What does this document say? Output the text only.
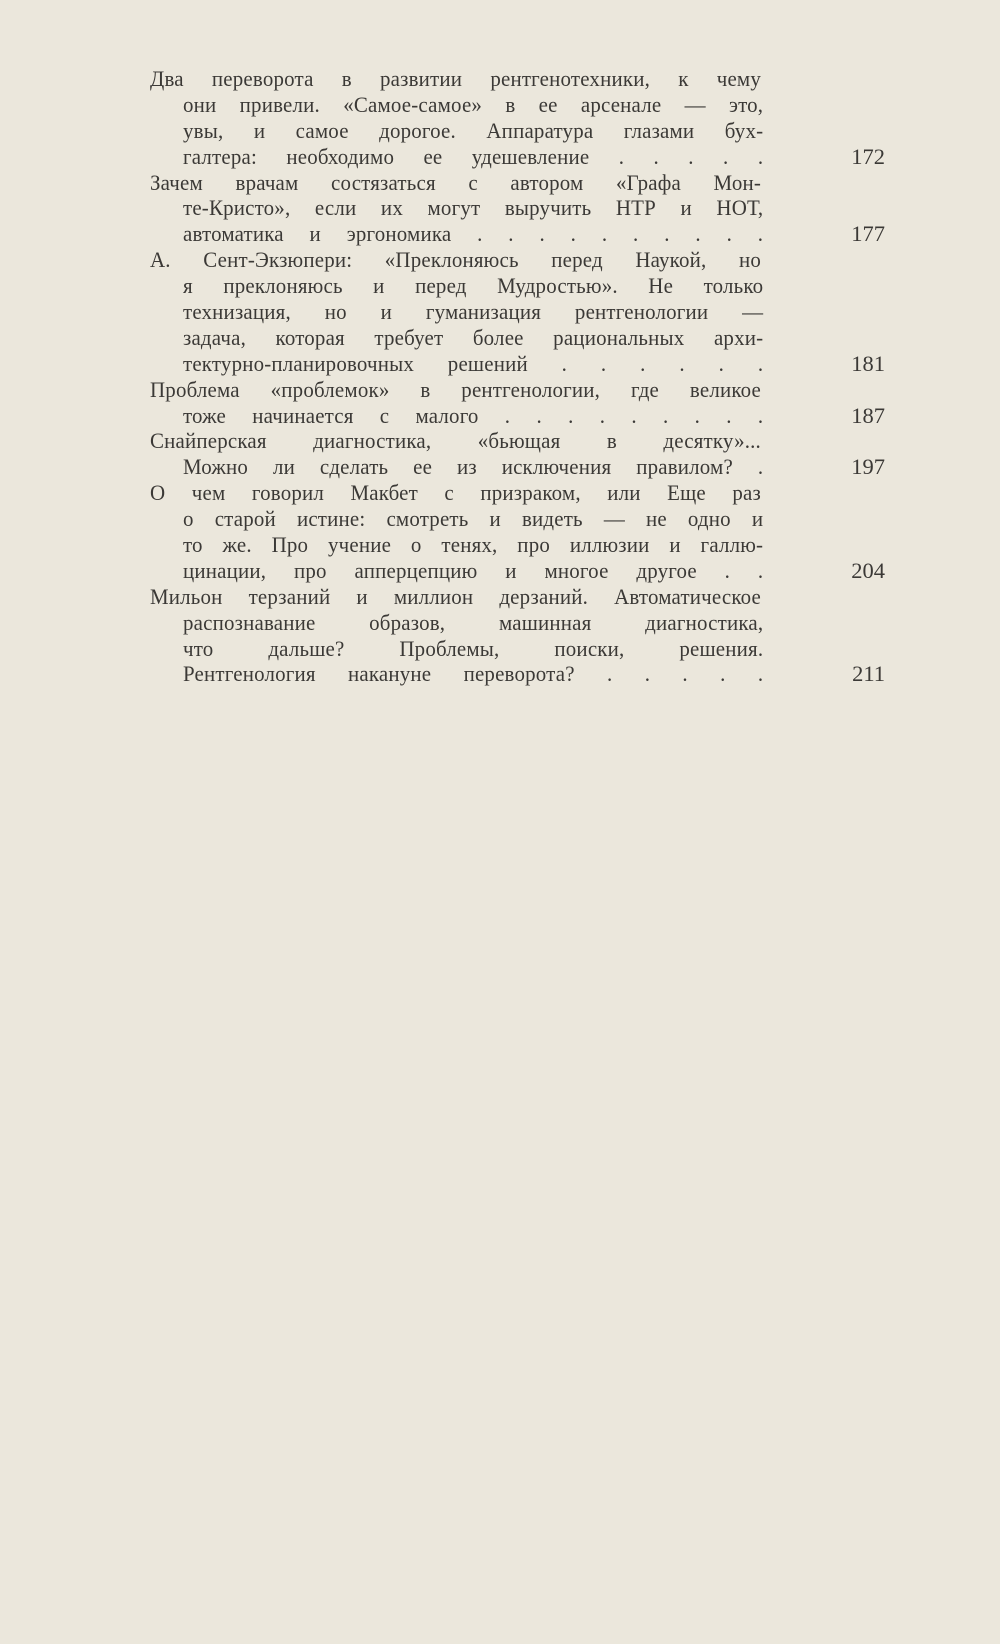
Два переворота в развитии рентгенотехники, к чему
они привели. «Самое-самое» в ее арсенале — это,
увы, и самое дорогое. Аппаратура глазами бух-
галтера: необходимо ее удешевление . . . . .	172
Зачем врачам состязаться с автором «Графа Мон-
те-Кристо», если их могут выручить НТР и НОТ,
автоматика и эргономика . . . . . . . . . .	177
А. Сент-Экзюпери: «Преклоняюсь перед Наукой, но
я преклоняюсь и перед Мудростью». Не только
технизация, но и гуманизация рентгенологии —
задача, которая требует более рациональных архи-
тектурно-планировочных решений . . . . . .	181
Проблема «проблемок» в рентгенологии, где великое
тоже начинается с малого . . . . . . . . .	187
Снайперская диагностика, «бьющая в десятку»...
Можно ли сделать ее из исключения правилом? .	197
О чем говорил Макбет с призраком, или Еще раз
о старой истине: смотреть и видеть — не одно и
то же. Про учение о тенях, про иллюзии и галлю-
цинации, про апперцепцию и многое другое . .	204
Мильон терзаний и миллион дерзаний. Автоматическое
распознавание образов, машинная диагностика,
что дальше? Проблемы, поиски, решения.
Рентгенология накануне переворота? . . . . .	211
